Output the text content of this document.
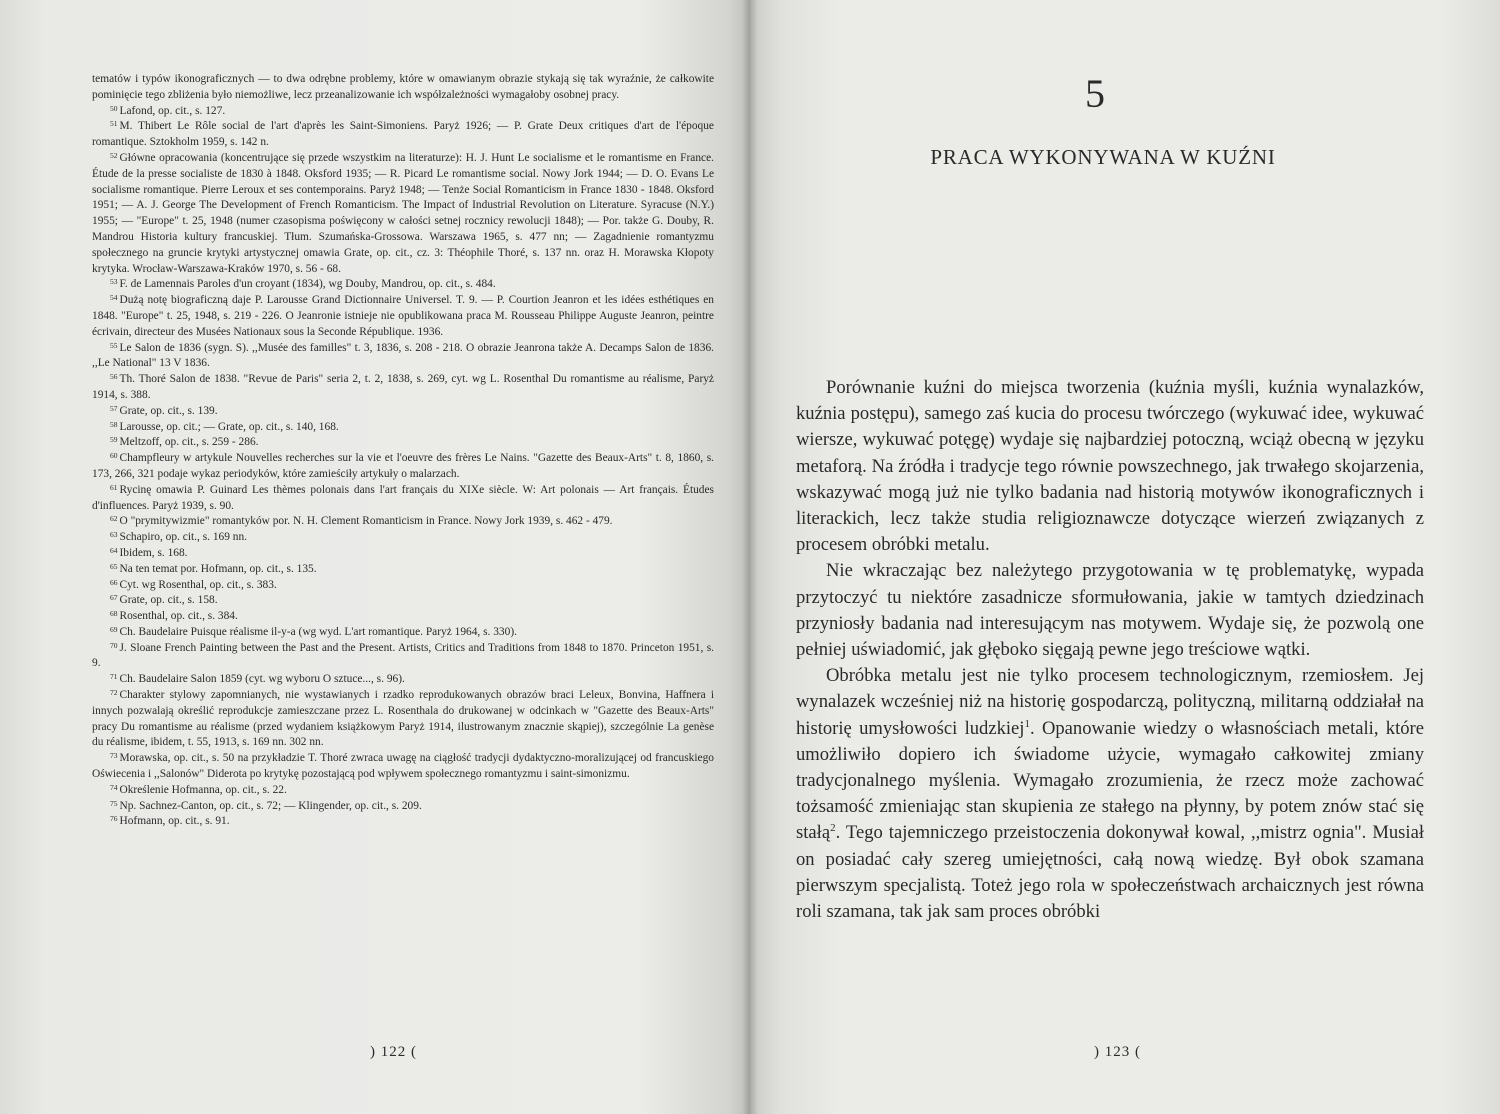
tematów i typów ikonograficznych — to dwa odrębne problemy, które w omawianym obrazie stykają się tak wyraźnie, że całkowite pominięcie tego zbliżenia było niemożliwe, lecz przeanalizowanie ich współzależności wymagałoby osobnej pracy.

$^{50}$ Lafond, op. cit., s. 127.

$^{51}$ M. Thibert Le Rôle social de l'art d'après les Saint-Simoniens. Paryż 1926; — P. Grate Deux critiques d'art de l'époque romantique. Sztokholm 1959, s. 142 n.

$^{52}$ Główne opracowania (koncentrujące się przede wszystkim na literaturze): H. J. Hunt Le socialisme et le romantisme en France. Étude de la presse socialiste de 1830 à 1848. Oksford 1935; — R. Picard Le romantisme social. Nowy Jork 1944; — D. O. Evans Le socialisme romantique. Pierre Leroux et ses contemporains. Paryż 1948; — Tenże Social Romanticism in France 1830 - 1848. Oksford 1951; — A. J. George The Development of French Romanticism. The Impact of Industrial Revolution on Literature. Syracuse (N.Y.) 1955; — "Europe" t. 25, 1948 (numer czasopisma poświęcony w całości setnej rocznicy rewolucji 1848); — Por. także G. Douby, R. Mandrou Historia kultury francuskiej. Tłum. Szumańska-Grossowa. Warszawa 1965, s. 477 nn; — Zagadnienie romantyzmu społecznego na gruncie krytyki artystycznej omawia Grate, op. cit., cz. 3: Théophile Thoré, s. 137 nn. oraz H. Morawska Kłopoty krytyka. Wrocław-Warszawa-Kraków 1970, s. 56 - 68.

$^{53}$ F. de Lamennais Paroles d'un croyant (1834), wg Douby, Mandrou, op. cit., s. 484.

$^{54}$ Dużą notę biograficzną daje P. Larousse Grand Dictionnaire Universel. T. 9. — P. Courtion Jeanron et les idées esthétiques en 1848. "Europe" t. 25, 1948, s. 219 - 226. O Jeanronie istnieje nie opublikowana praca M. Rousseau Philippe Auguste Jeanron, peintre écrivain, directeur des Musées Nationaux sous la Seconde République. 1936.

$^{55}$ Le Salon de 1836 (sygn. S). ,,Musée des familles" t. 3, 1836, s. 208 - 218. O obrazie Jeanrona także A. Decamps Salon de 1836. ,,Le National" 13 V 1836.

$^{56}$ Th. Thoré Salon de 1838. "Revue de Paris" seria 2, t. 2, 1838, s. 269, cyt. wg L. Rosenthal Du romantisme au réalisme, Paryż 1914, s. 388.

$^{57}$ Grate, op. cit., s. 139.

$^{58}$ Larousse, op. cit.; — Grate, op. cit., s. 140, 168.

$^{59}$ Meltzoff, op. cit., s. 259 - 286.

$^{60}$ Champfleury w artykule Nouvelles recherches sur la vie et l'oeuvre des frères Le Nains. "Gazette des Beaux-Arts" t. 8, 1860, s. 173, 266, 321 podaje wykaz periodyków, które zamieściły artykuły o malarzach.

$^{61}$ Rycinę omawia P. Guinard Les thèmes polonais dans l'art français du XIXe siècle. W: Art polonais — Art français. Études d'influences. Paryż 1939, s. 90.

$^{62}$ O "prymitywizmie" romantyków por. N. H. Clement Romanticism in France. Nowy Jork 1939, s. 462 - 479.

$^{63}$ Schapiro, op. cit., s. 169 nn.

$^{64}$ Ibidem, s. 168.

$^{65}$ Na ten temat por. Hofmann, op. cit., s. 135.

$^{66}$ Cyt. wg Rosenthal, op. cit., s. 383.

$^{67}$ Grate, op. cit., s. 158.

$^{68}$ Rosenthal, op. cit., s. 384.

$^{69}$ Ch. Baudelaire Puisque réalisme il-y-a (wg wyd. L'art romantique. Paryż 1964, s. 330).

$^{70}$ J. Sloane French Painting between the Past and the Present. Artists, Critics and Traditions from 1848 to 1870. Princeton 1951, s. 9.

$^{71}$ Ch. Baudelaire Salon 1859 (cyt. wg wyboru O sztuce..., s. 96).

$^{72}$ Charakter stylowy zapomnianych, nie wystawianych i rzadko reprodukowanych obrazów braci Leleux, Bonvina, Haffnera i innych pozwalają określić reprodukcje zamieszczane przez L. Rosenthala do drukowanej w odcinkach w "Gazette des Beaux-Arts" pracy Du romantisme au réalisme (przed wydaniem książkowym Paryż 1914, ilustrowanym znacznie skąpiej), szczególnie La genèse du réalisme, ibidem, t. 55, 1913, s. 169 nn. 302 nn.

$^{73}$ Morawska, op. cit., s. 50 na przykładzie T. Thoré zwraca uwagę na ciągłość tradycji dydaktyczno-moralizującej od francuskiego Oświecenia i ,,Salonów" Diderota po krytykę pozostającą pod wpływem społecznego romantyzmu i saint-simonizmu.

$^{74}$ Określenie Hofmanna, op. cit., s. 22.

$^{75}$ Np. Sachnez-Canton, op. cit., s. 72; — Klingender, op. cit., s. 209.

$^{76}$ Hofmann, op. cit., s. 91.

) 122 (
5
PRACA WYKONYWANA W KUŹNI

Porównanie kuźni do miejsca tworzenia (kuźnia myśli, kuźnia wynalazków, kuźnia postępu), samego zaś kucia do procesu twórczego (wykuwać idee, wykuwać wiersze, wykuwać potęgę) wydaje się najbardziej potoczną, wciąż obecną w języku metaforą. Na źródła i tradycje tego równie powszechnego, jak trwałego skojarzenia, wskazywać mogą już nie tylko badania nad historią motywów ikonograficznych i literackich, lecz także studia religioznawcze dotyczące wierzeń związanych z procesem obróbki metalu.

Nie wkraczając bez należytego przygotowania w tę problematykę, wypada przytoczyć tu niektóre zasadnicze sformułowania, jakie w tamtych dziedzinach przyniosły badania nad interesującym nas motywem. Wydaje się, że pozwolą one pełniej uświadomić, jak głęboko sięgają pewne jego treściowe wątki.

Obróbka metalu jest nie tylko procesem technologicznym, rzemiosłem. Jej wynalazek wcześniej niż na historię gospodarczą, polityczną, militarną oddziałał na historię umysłowości ludzkiej$^1$. Opanowanie wiedzy o własnościach metali, które umożliwiło dopiero ich świadome użycie, wymagało całkowitej zmiany tradycjonalnego myślenia. Wymagało zrozumienia, że rzecz może zachować tożsamość zmieniając stan skupienia ze stałego na płynny, by potem znów stać się stałą$^2$. Tego tajemniczego przeistoczenia dokonywał kowal, ,,mistrz ognia". Musiał on posiadać cały szereg umiejętności, całą nową wiedzę. Był obok szamana pierwszym specjalistą. Toteż jego rola w społeczeństwach archaicznych jest równa roli szamana, tak jak sam proces obróbki

) 123 (
